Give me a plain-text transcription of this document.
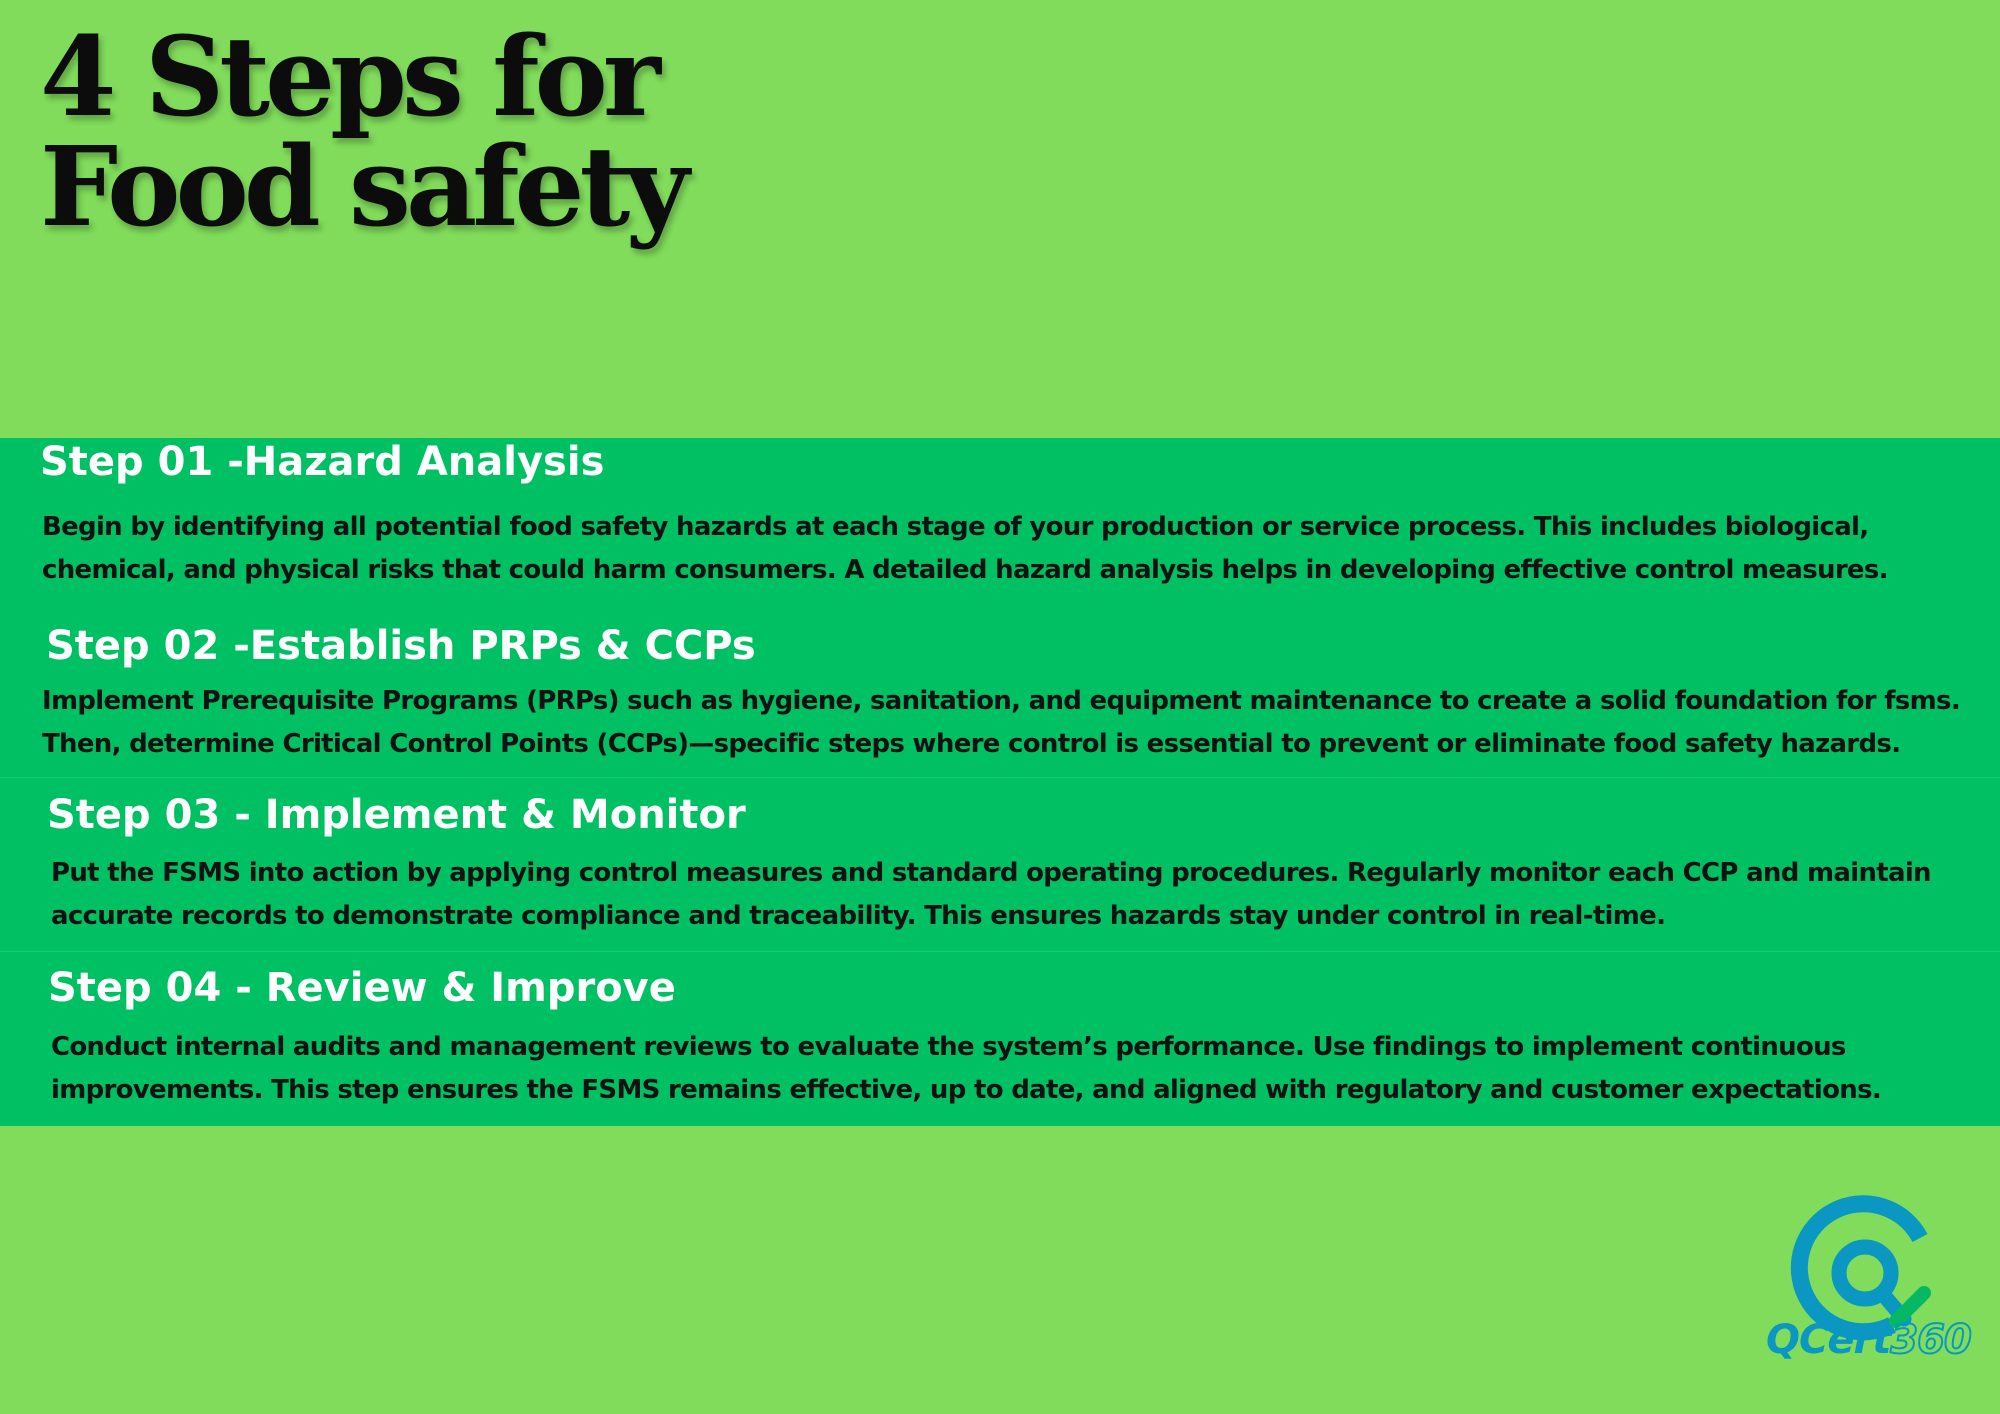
4 Steps for
Food safety
Step 01 -Hazard Analysis

Begin by identifying all potential food safety hazards at each stage of your production or service process. This includes biological,
chemical, and physical risks that could harm consumers. A detailed hazard analysis helps in developing effective control measures.

Step 02 -Establish PRPs & CCPs

Implement Prerequisite Programs (PRPs) such as hygiene, sanitation, and equipment maintenance to create a solid foundation for fsms.
Then, determine Critical Control Points (CCPs)—specific steps where control is essential to prevent or eliminate food safety hazards.

Step 03 - Implement & Monitor

Put the FSMS into action by applying control measures and standard operating procedures. Regularly monitor each CCP and maintain
accurate records to demonstrate compliance and traceability. This ensures hazards stay under control in real-time.

Step 04 - Review & Improve

Conduct internal audits and management reviews to evaluate the system’s performance. Use findings to implement continuous
improvements. This step ensures the FSMS remains effective, up to date, and aligned with regulatory and customer expectations.

QCert360
